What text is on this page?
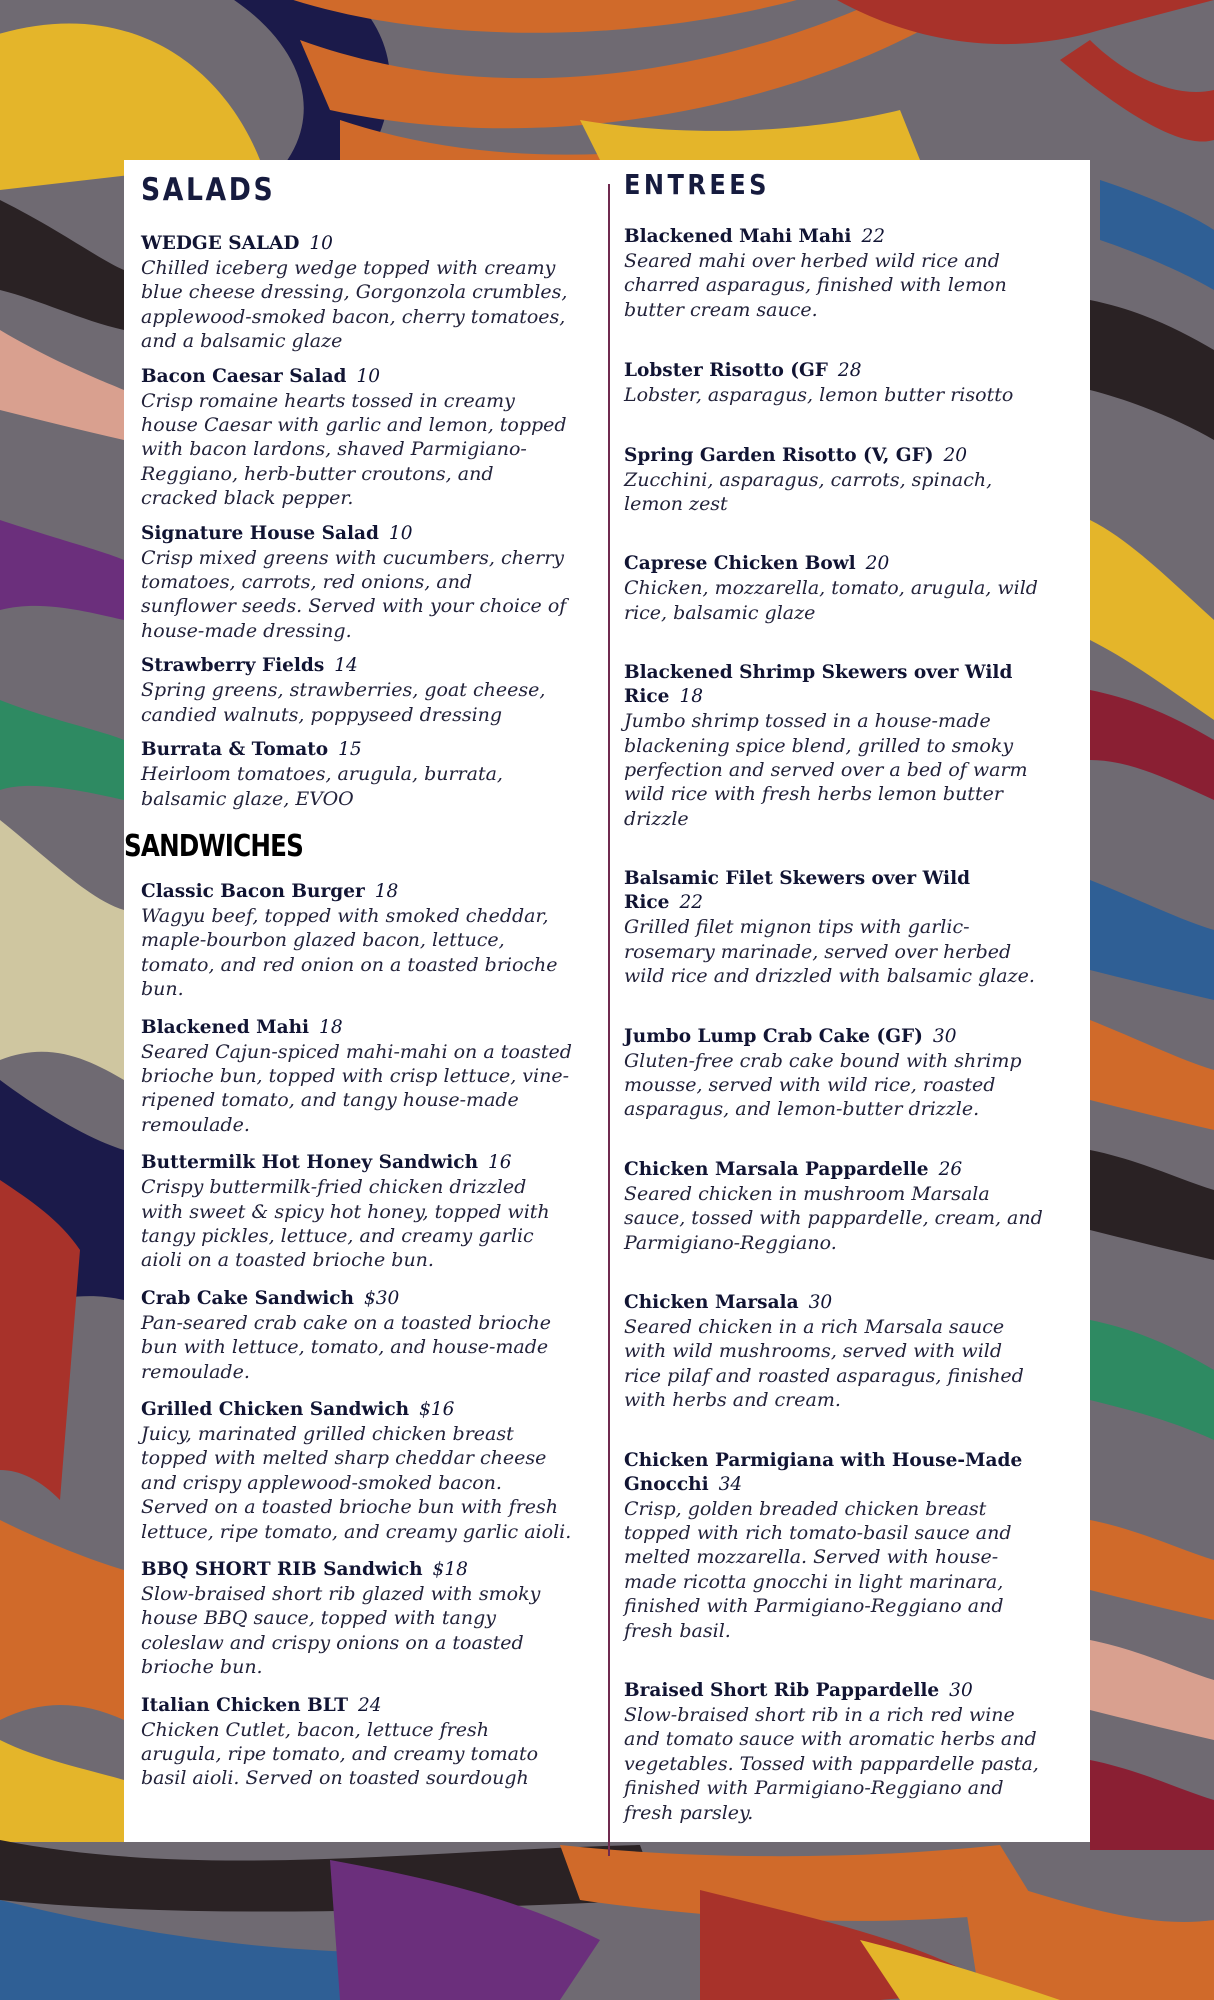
SALADS
WEDGE SALAD 10
Chilled iceberg wedge topped with creamy blue cheese dressing, Gorgonzola crumbles, applewood-smoked bacon, cherry tomatoes, and a balsamic glaze
Bacon Caesar Salad 10
Crisp romaine hearts tossed in creamy house Caesar with garlic and lemon, topped with bacon lardons, shaved Parmigiano-Reggiano, herb-butter croutons, and cracked black pepper.
Signature House Salad 10
Crisp mixed greens with cucumbers, cherry tomatoes, carrots, red onions, and sunflower seeds. Served with your choice of house-made dressing.
Strawberry Fields 14
Spring greens, strawberries, goat cheese, candied walnuts, poppyseed dressing
Burrata & Tomato 15
Heirloom tomatoes, arugula, burrata, balsamic glaze, EVOO
SANDWICHES
Classic Bacon Burger 18
Wagyu beef, topped with smoked cheddar, maple-bourbon glazed bacon, lettuce, tomato, and red onion on a toasted brioche bun.
Blackened Mahi 18
Seared Cajun-spiced mahi-mahi on a toasted brioche bun, topped with crisp lettuce, vine-ripened tomato, and tangy house-made remoulade.
Buttermilk Hot Honey Sandwich 16
Crispy buttermilk-fried chicken drizzled with sweet & spicy hot honey, topped with tangy pickles, lettuce, and creamy garlic aioli on a toasted brioche bun.
Crab Cake Sandwich $30
Pan-seared crab cake on a toasted brioche bun with lettuce, tomato, and house-made remoulade.
Grilled Chicken Sandwich $16
Juicy, marinated grilled chicken breast topped with melted sharp cheddar cheese and crispy applewood-smoked bacon. Served on a toasted brioche bun with fresh lettuce, ripe tomato, and creamy garlic aioli.
BBQ SHORT RIB Sandwich $18
Slow-braised short rib glazed with smoky house BBQ sauce, topped with tangy coleslaw and crispy onions on a toasted brioche bun.
Italian Chicken BLT 24
Chicken Cutlet, bacon, lettuce fresh arugula, ripe tomato, and creamy tomato basil aioli. Served on toasted sourdough
ENTREES
Blackened Mahi Mahi 22
Seared mahi over herbed wild rice and charred asparagus, finished with lemon butter cream sauce.
Lobster Risotto (GF 28
Lobster, asparagus, lemon butter risotto
Spring Garden Risotto (V, GF) 20
Zucchini, asparagus, carrots, spinach, lemon zest
Caprese Chicken Bowl 20
Chicken, mozzarella, tomato, arugula, wild rice, balsamic glaze
Blackened Shrimp Skewers over Wild Rice 18
Jumbo shrimp tossed in a house-made blackening spice blend, grilled to smoky perfection and served over a bed of warm wild rice with fresh herbs lemon butter drizzle
Balsamic Filet Skewers over Wild Rice 22
Grilled filet mignon tips with garlic-rosemary marinade, served over herbed wild rice and drizzled with balsamic glaze.
Jumbo Lump Crab Cake (GF) 30
Gluten-free crab cake bound with shrimp mousse, served with wild rice, roasted asparagus, and lemon-butter drizzle.
Chicken Marsala Pappardelle 26
Seared chicken in mushroom Marsala sauce, tossed with pappardelle, cream, and Parmigiano-Reggiano.
Chicken Marsala 30
Seared chicken in a rich Marsala sauce with wild mushrooms, served with wild rice pilaf and roasted asparagus, finished with herbs and cream.
Chicken Parmigiana with House-Made Gnocchi 34
Crisp, golden breaded chicken breast topped with rich tomato-basil sauce and melted mozzarella. Served with house-made ricotta gnocchi in light marinara, finished with Parmigiano-Reggiano and fresh basil.
Braised Short Rib Pappardelle 30
Slow-braised short rib in a rich red wine and tomato sauce with aromatic herbs and vegetables. Tossed with pappardelle pasta, finished with Parmigiano-Reggiano and fresh parsley.
